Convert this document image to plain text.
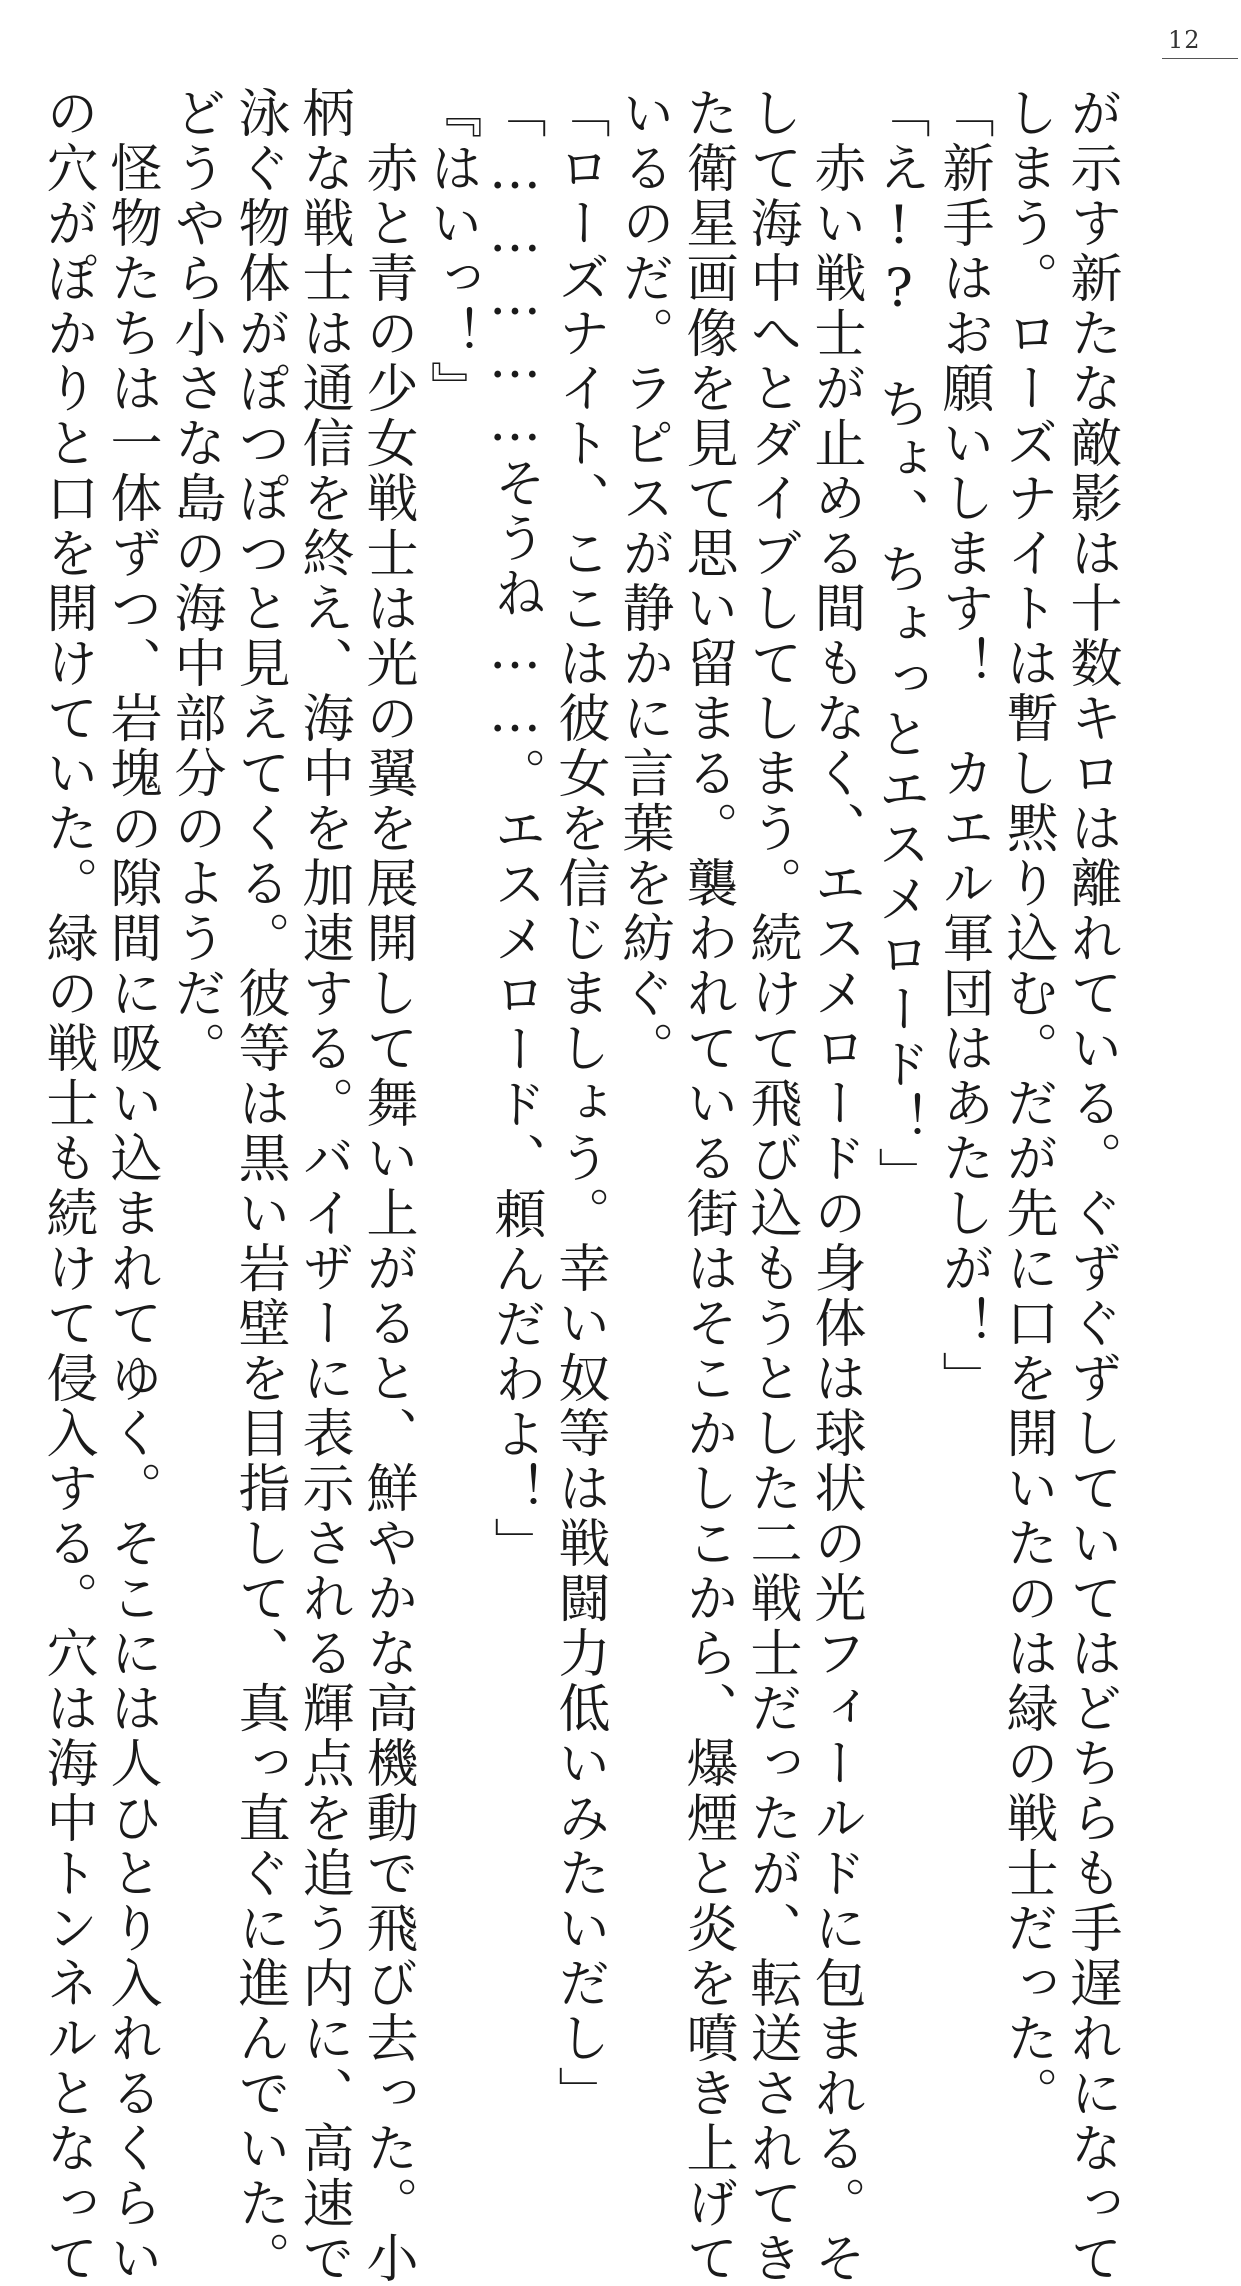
12
が示す新たな敵影は十数キロは離れている。ぐずぐずしていてはどちらも手遅れになって
しまう。ローズナイトは暫し黙り込む。だが先に口を開いたのは緑の戦士だった。
「新手はお願いします！　カエル軍団はあたしが！」
「え!?　ちょ、ちょっとエスメロード！」
　赤い戦士が止める間もなく、エスメロードの身体は球状の光フィールドに包まれる。そ
して海中へとダイブしてしまう。続けて飛び込もうとした二戦士だったが、転送されてき
た衛星画像を見て思い留まる。襲われている街はそこかしこから、爆煙と炎を噴き上げて
いるのだ。ラピスが静かに言葉を紡ぐ。
「ローズナイト、ここは彼女を信じましょう。幸い奴等は戦闘力低いみたいだし」
「……………そうね……。エスメロード、頼んだわよ！」
『はいっ！』
　赤と青の少女戦士は光の翼を展開して舞い上がると、鮮やかな高機動で飛び去った。小
柄な戦士は通信を終え、海中を加速する。バイザーに表示される輝点を追う内に、高速で
泳ぐ物体がぽつぽつと見えてくる。彼等は黒い岩壁を目指して、真っ直ぐに進んでいた。
どうやら小さな島の海中部分のようだ。
　怪物たちは一体ずつ、岩塊の隙間に吸い込まれてゆく。そこには人ひとり入れるくらい
の穴がぽかりと口を開けていた。緑の戦士も続けて侵入する。穴は海中トンネルとなって
